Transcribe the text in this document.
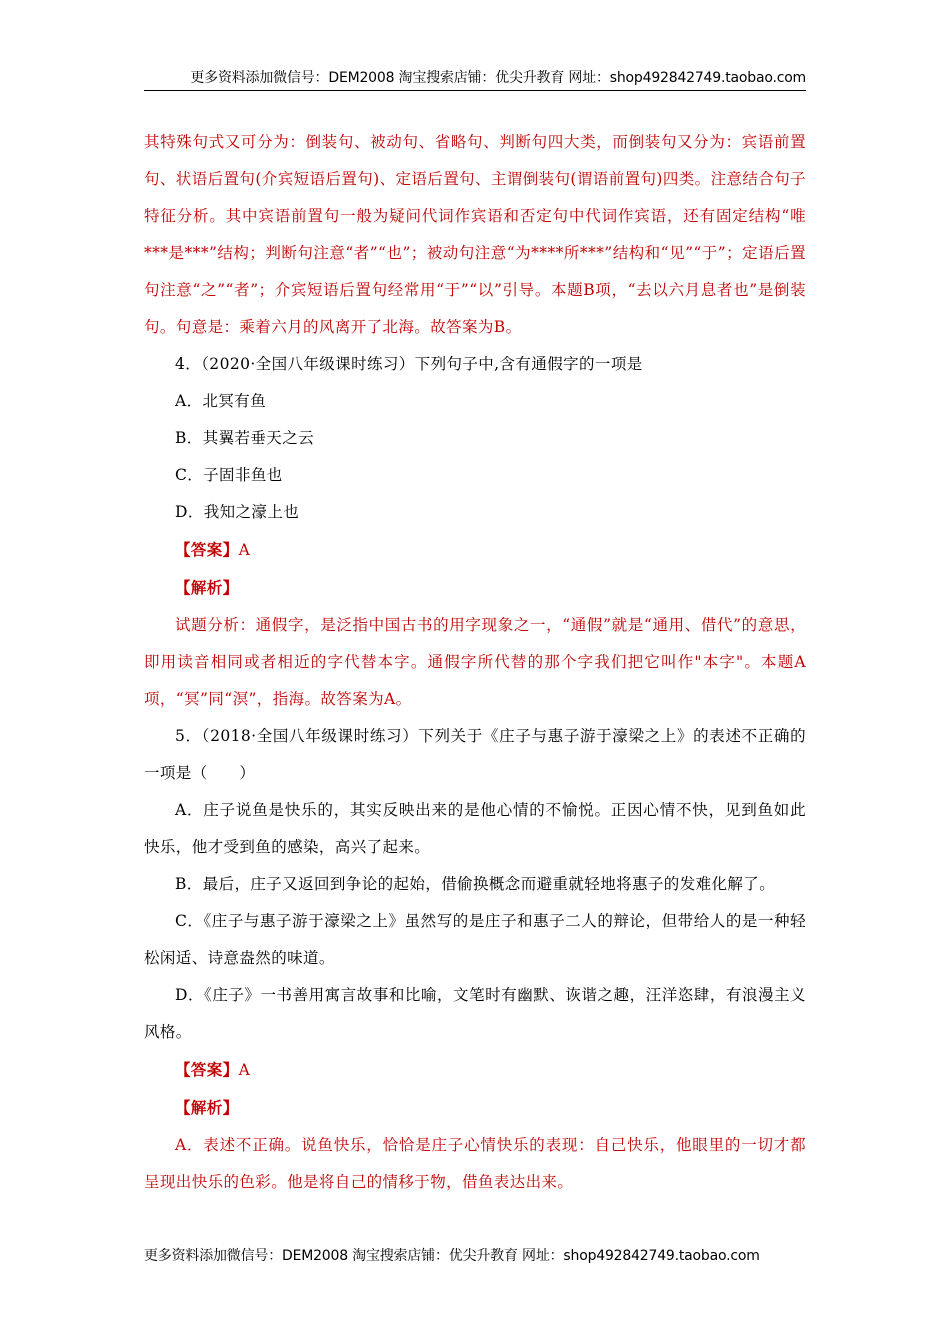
更多资料添加微信号：DEM2008 淘宝搜索店铺：优尖升教育 网址：shop492842749.taobao.com

其特殊句式又可分为：倒装句、被动句、省略句、判断句四大类，而倒装句又分为：宾语前置句、状语后置句(介宾短语后置句)、定语后置句、主谓倒装句(谓语前置句)四类。注意结合句子特征分析。其中宾语前置句一般为疑问代词作宾语和否定句中代词作宾语，还有固定结构“唯***是***”结构；判断句注意“者”“也”；被动句注意“为****所***”结构和“见”“于”；定语后置句注意“之”“者”；介宾短语后置句经常用“于”“以”引导。本题B项，“去以六月息者也”是倒装句。句意是：乘着六月的风离开了北海。故答案为B。

4．（2020·全国八年级课时练习）下列句子中,含有通假字的一项是

A．北冥有鱼

B．其翼若垂天之云

C．子固非鱼也

D．我知之濠上也

【答案】A

【解析】

试题分析：通假字，是泛指中国古书的用字现象之一，“通假”就是“通用、借代”的意思，即用读音相同或者相近的字代替本字。通假字所代替的那个字我们把它叫作"本字"。本题A项，“冥”同“溟”，指海。故答案为A。

5．（2018·全国八年级课时练习）下列关于《庄子与惠子游于濠梁之上》的表述不正确的一项是（　　）

A．庄子说鱼是快乐的，其实反映出来的是他心情的不愉悦。正因心情不快，见到鱼如此快乐，他才受到鱼的感染，高兴了起来。

B．最后，庄子又返回到争论的起始，借偷换概念而避重就轻地将惠子的发难化解了。

C．《庄子与惠子游于濠梁之上》虽然写的是庄子和惠子二人的辩论，但带给人的是一种轻松闲适、诗意盎然的味道。

D．《庄子》一书善用寓言故事和比喻，文笔时有幽默、诙谐之趣，汪洋恣肆，有浪漫主义风格。

【答案】A

【解析】

A．表述不正确。说鱼快乐，恰恰是庄子心情快乐的表现：自己快乐，他眼里的一切才都呈现出快乐的色彩。他是将自己的情移于物，借鱼表达出来。

更多资料添加微信号：DEM2008 淘宝搜索店铺：优尖升教育 网址：shop492842749.taobao.com
